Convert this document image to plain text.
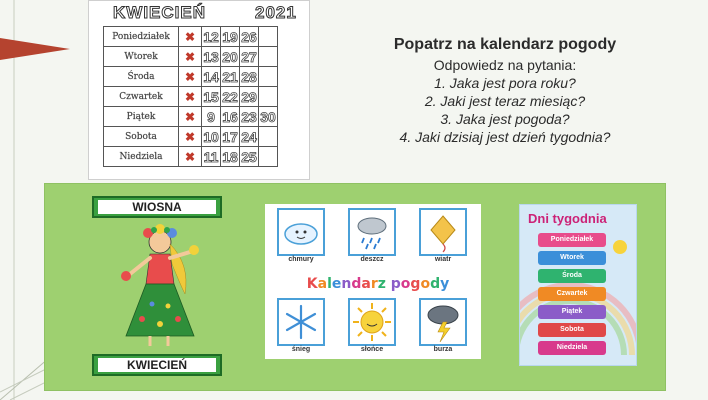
KWIECIEŃ	2021
Poniedziałek	✖	12	19	26	
Wtorek	✖	13	20	27	
Środa	✖	14	21	28	
Czwartek	✖	15	22	29	
Piątek	✖	9	16	23	30
Sobota	✖	10	17	24	
Niedziela	✖	11	18	25	
Popatrz na kalendarz pogody
Odpowiedz na pytania:
1. Jaka jest pora roku?
2. Jaki jest teraz miesiąc?
3. Jaka jest pogoda?
4. Jaki dzisiaj jest dzień tygodnia?
WIOSNA
KWIECIEŃ
chmury	deszcz	wiatr
Kalendarz pogody
śnieg	słońce	burza
Dni tygodnia
Poniedziałek
Wtorek
Środa
Czwartek
Piątek
Sobota
Niedziela
